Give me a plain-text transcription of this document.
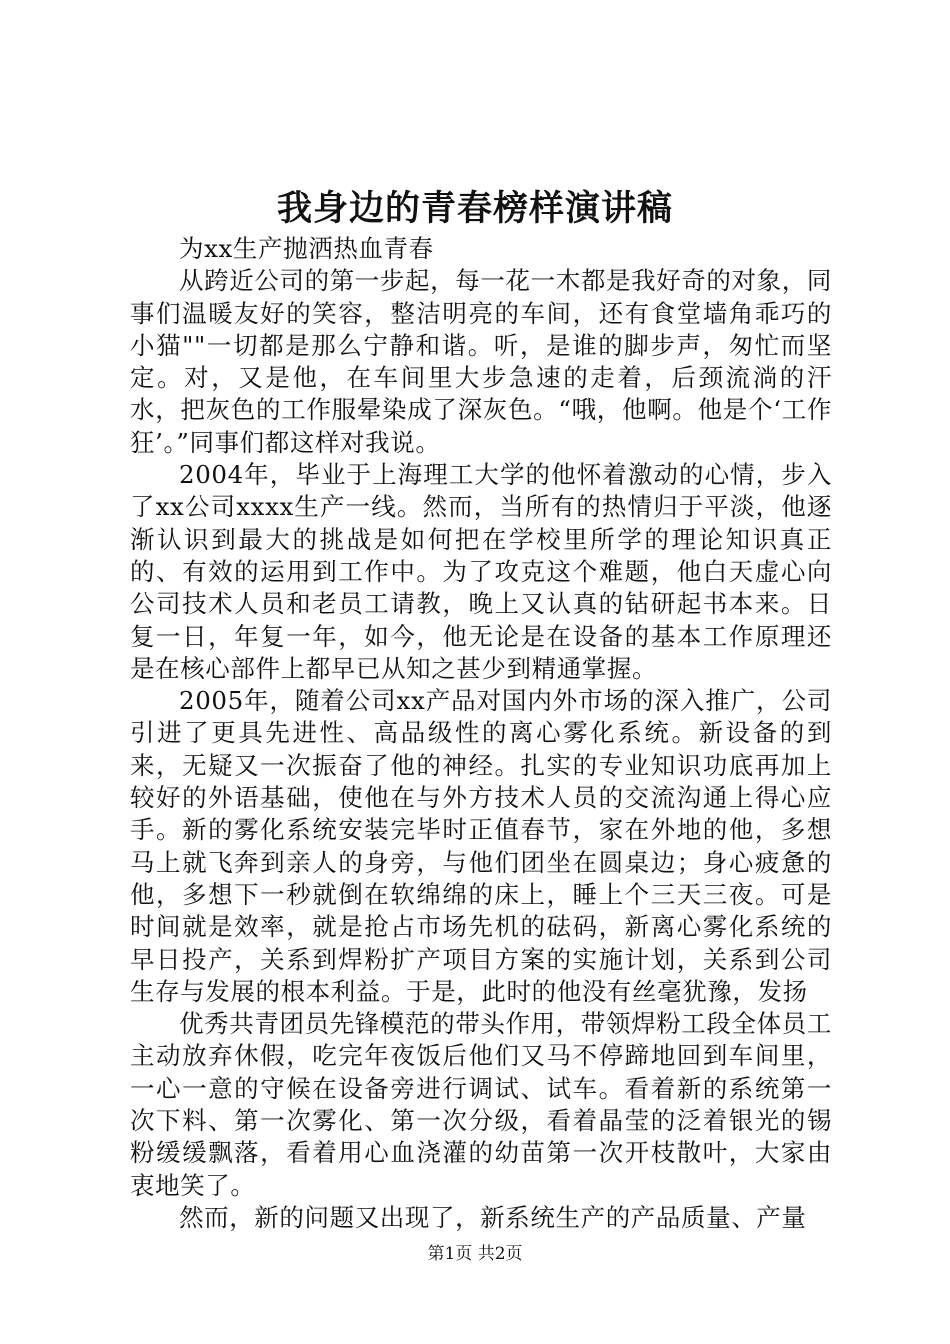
我身边的青春榜样演讲稿

为xx生产抛洒热血青春

从跨近公司的第一步起，每一花一木都是我好奇的对象，同事们温暖友好的笑容，整洁明亮的车间，还有食堂墙角乖巧的小猫""一切都是那么宁静和谐。听，是谁的脚步声，匆忙而坚定。对，又是他，在车间里大步急速的走着，后颈流淌的汗水，把灰色的工作服晕染成了深灰色。“哦，他啊。他是个‘工作狂’。”同事们都这样对我说。

2004年，毕业于上海理工大学的他怀着激动的心情，步入了xx公司xxxx生产一线。然而，当所有的热情归于平淡，他逐渐认识到最大的挑战是如何把在学校里所学的理论知识真正的、有效的运用到工作中。为了攻克这个难题，他白天虚心向公司技术人员和老员工请教，晚上又认真的钻研起书本来。日复一日，年复一年，如今，他无论是在设备的基本工作原理还是在核心部件上都早已从知之甚少到精通掌握。

2005年，随着公司xx产品对国内外市场的深入推广，公司引进了更具先进性、高品级性的离心雾化系统。新设备的到来，无疑又一次振奋了他的神经。扎实的专业知识功底再加上较好的外语基础，使他在与外方技术人员的交流沟通上得心应手。新的雾化系统安装完毕时正值春节，家在外地的他，多想马上就飞奔到亲人的身旁，与他们团坐在圆桌边；身心疲惫的他，多想下一秒就倒在软绵绵的床上，睡上个三天三夜。可是时间就是效率，就是抢占市场先机的砝码，新离心雾化系统的早日投产，关系到焊粉扩产项目方案的实施计划，关系到公司生存与发展的根本利益。于是，此时的他没有丝毫犹豫，发扬

优秀共青团员先锋模范的带头作用，带领焊粉工段全体员工主动放弃休假，吃完年夜饭后他们又马不停蹄地回到车间里，一心一意的守候在设备旁进行调试、试车。看着新的系统第一次下料、第一次雾化、第一次分级，看着晶莹的泛着银光的锡粉缓缓飘落，看着用心血浇灌的幼苗第一次开枝散叶，大家由衷地笑了。

然而，新的问题又出现了，新系统生产的产品质量、产量

第1页 共2页
